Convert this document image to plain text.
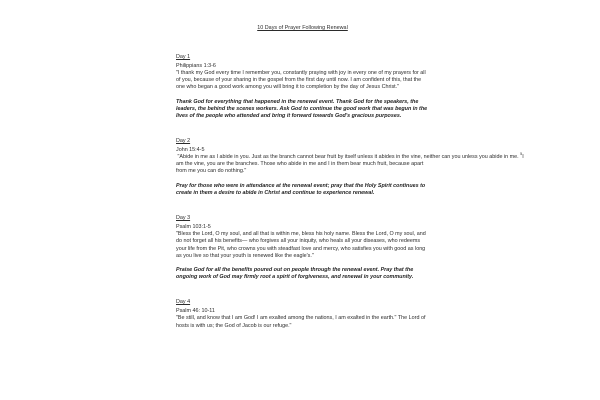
10 Days of Prayer Following Renewal
Day 1
Philippians 1:3-6

"I thank my God every time I remember you, constantly praying with joy in every one of my prayers for all of you, because of your sharing in the gospel from the first day until now. I am confident of this, that the one who began a good work among you will bring it to completion by the day of Jesus Christ."

Thank God for everything that happened in the renewal event. Thank God for the speakers, the leaders, the behind the scenes workers. Ask God to continue the good work that was begun in the lives of the people who attended and bring it forward towards God's gracious purposes.

Day 2
John 15:4-5

"Abide in me as I abide in you. Just as the branch cannot bear fruit by itself unless it abides in the vine, neither can you unless you abide in me. $^5$I am the vine, you are the branches. Those who abide in me and I in them bear much fruit, because apart from me you can do nothing."

Pray for those who were in attendance at the renewal event; pray that the Holy Spirit continues to create in them a desire to abide in Christ and continue to experience renewal.

Day 3
Psalm 103:1-5

"Bless the Lord, O my soul, and all that is within me, bless his holy name. Bless the Lord, O my soul, and do not forget all his benefits— who forgives all your iniquity, who heals all your diseases, who redeems your life from the Pit, who crowns you with steadfast love and mercy, who satisfies you with good as long as you live so that your youth is renewed like the eagle's."

Praise God for all the benefits poured out on people through the renewal event. Pray that the ongoing work of God may firmly root a spirit of forgiveness, and renewal in your community.

Day 4
Psalm 46: 10-11

"Be still, and know that I am God! I am exalted among the nations, I am exalted in the earth." The Lord of hosts is with us; the God of Jacob is our refuge."
